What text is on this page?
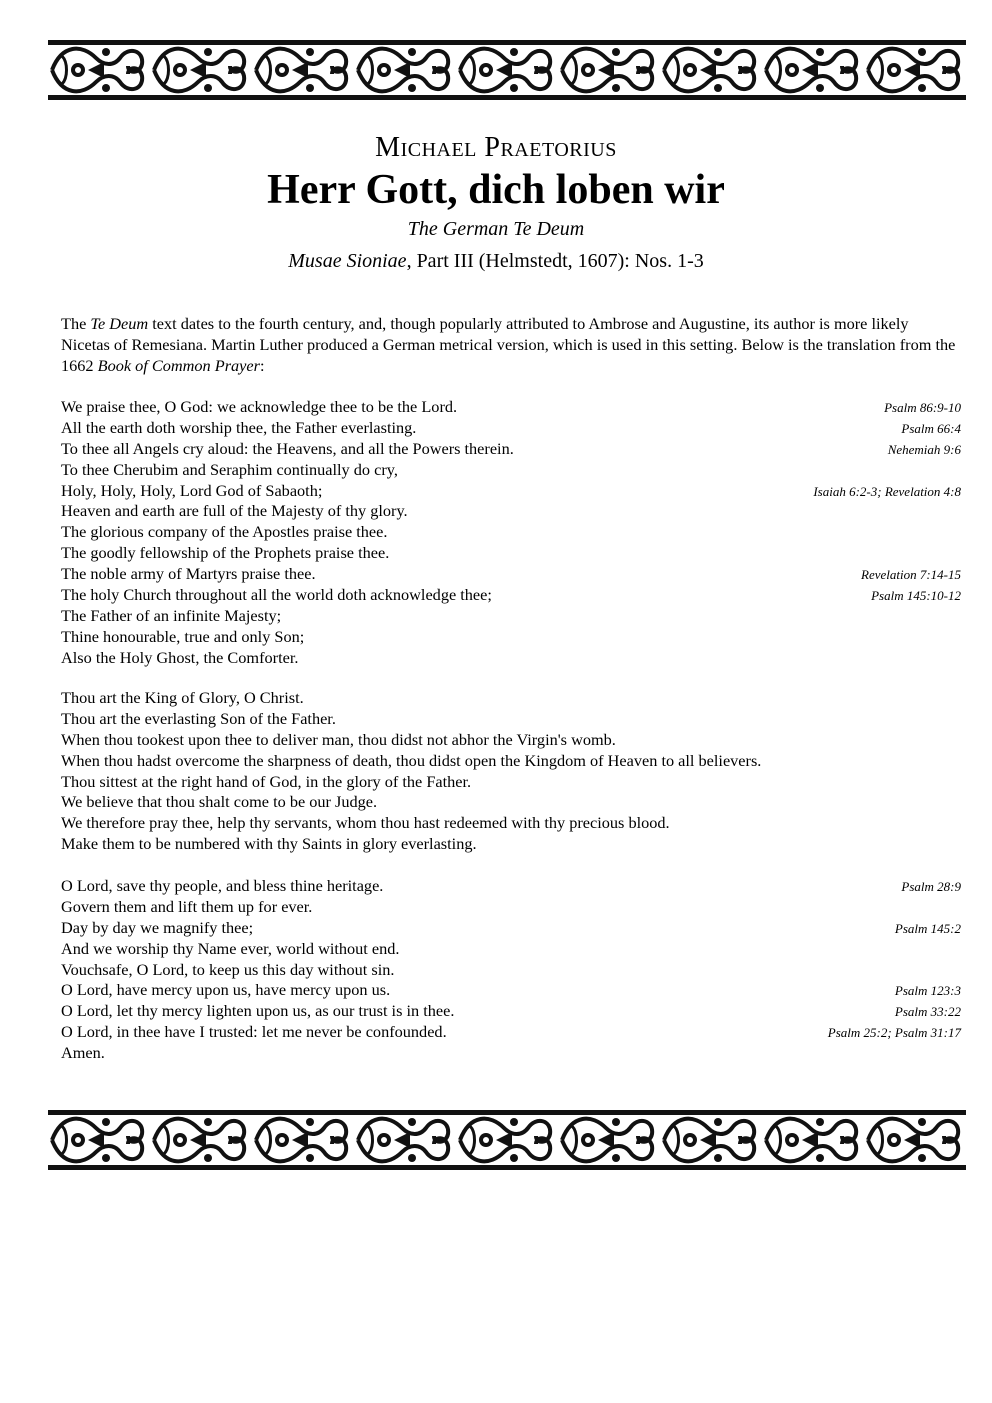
Michael Praetorius
Herr Gott, dich loben wir
The German Te Deum
Musae Sioniae, Part III (Helmstedt, 1607): Nos. 1-3
The Te Deum text dates to the fourth century, and, though popularly attributed to Ambrose and Augustine, its author is more likely Nicetas of Remesiana. Martin Luther produced a German metrical version, which is used in this setting. Below is the translation from the 1662 Book of Common Prayer:
We praise thee, O God: we acknowledge thee to be the Lord.	Psalm 86:9-10
All the earth doth worship thee, the Father everlasting.	Psalm 66:4
To thee all Angels cry aloud: the Heavens, and all the Powers therein.	Nehemiah 9:6
To thee Cherubim and Seraphim continually do cry,
Holy, Holy, Holy, Lord God of Sabaoth;	Isaiah 6:2-3; Revelation 4:8
Heaven and earth are full of the Majesty of thy glory.
The glorious company of the Apostles praise thee.
The goodly fellowship of the Prophets praise thee.
The noble army of Martyrs praise thee.	Revelation 7:14-15
The holy Church throughout all the world doth acknowledge thee;	Psalm 145:10-12
The Father of an infinite Majesty;
Thine honourable, true and only Son;
Also the Holy Ghost, the Comforter.
Thou art the King of Glory, O Christ.
Thou art the everlasting Son of the Father.
When thou tookest upon thee to deliver man, thou didst not abhor the Virgin's womb.
When thou hadst overcome the sharpness of death, thou didst open the Kingdom of Heaven to all believers.
Thou sittest at the right hand of God, in the glory of the Father.
We believe that thou shalt come to be our Judge.
We therefore pray thee, help thy servants, whom thou hast redeemed with thy precious blood.
Make them to be numbered with thy Saints in glory everlasting.
O Lord, save thy people, and bless thine heritage.	Psalm 28:9
Govern them and lift them up for ever.
Day by day we magnify thee;	Psalm 145:2
And we worship thy Name ever, world without end.
Vouchsafe, O Lord, to keep us this day without sin.
O Lord, have mercy upon us, have mercy upon us.	Psalm 123:3
O Lord, let thy mercy lighten upon us, as our trust is in thee.	Psalm 33:22
O Lord, in thee have I trusted: let me never be confounded.	Psalm 25:2; Psalm 31:17
Amen.
